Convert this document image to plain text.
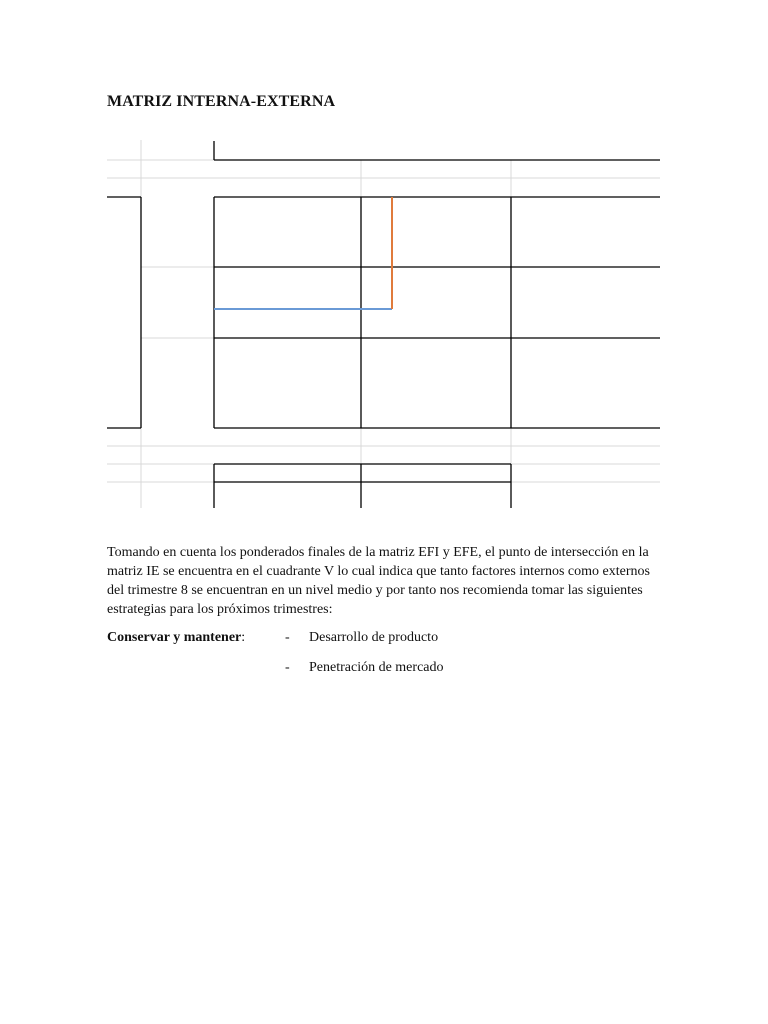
MATRIZ INTERNA-EXTERNA
Tomando en cuenta los ponderados finales de la matriz EFI y EFE, el punto de intersección en la matriz IE se encuentra en el cuadrante V lo cual indica que tanto factores internos como externos del trimestre 8 se encuentran en un nivel medio y por tanto nos recomienda tomar las siguientes estrategias para los próximos trimestres:
Conservar y mantener:	- Desarrollo de producto
- Penetración de mercado
